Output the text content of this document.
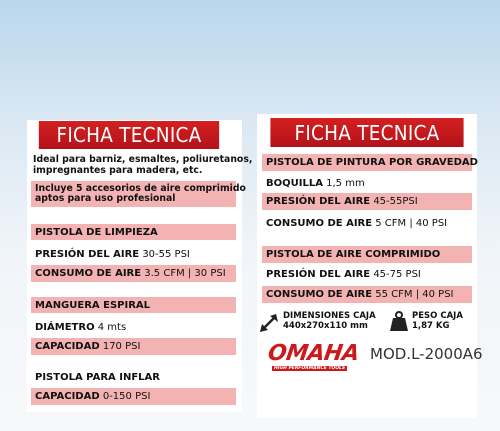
FICHA TECNICA
Ideal para barniz, esmaltes, poliuretanos,
impregnantes para madera, etc.
Incluye 5 accesorios de aire comprimido
aptos para uso profesional
PISTOLA DE LIMPIEZA
PRESIÓN DEL AIRE 30-55 PSI
CONSUMO DE AIRE 3.5 CFM | 30 PSI
MANGUERA ESPIRAL
DIÁMETRO 4 mts
CAPACIDAD 170 PSI
PISTOLA PARA INFLAR
CAPACIDAD 0-150 PSI
FICHA TECNICA
PISTOLA DE PINTURA POR GRAVEDAD
BOQUILLA 1,5 mm
PRESIÓN DEL AIRE 45-55PSI
CONSUMO DE AIRE 5 CFM | 40 PSI
PISTOLA DE AIRE COMPRIMIDO
PRESIÓN DEL AIRE 45-75 PSI
CONSUMO DE AIRE 55 CFM | 40 PSI
DIMENSIONES CAJA
440x270x110 mm
PESO CAJA
1,87 KG
OMAHA
HIGH PERFORMANCE TOOLS
MOD.L-2000A6
